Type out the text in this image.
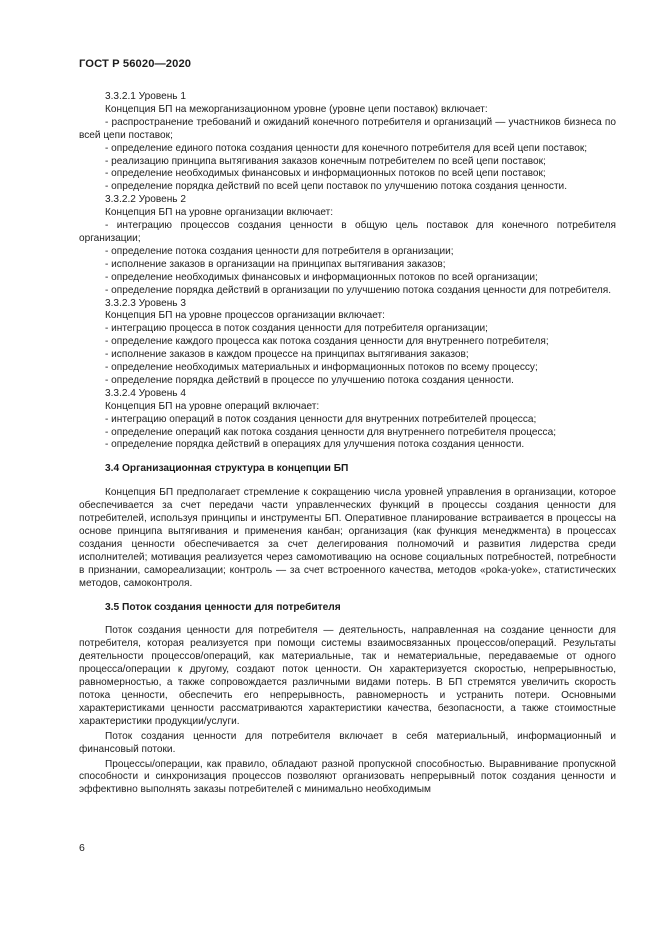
ГОСТ Р 56020—2020

3.3.2.1 Уровень 1

Концепция БП на межорганизационном уровне (уровне цепи поставок) включает:

- распространение требований и ожиданий конечного потребителя и организаций — участников бизнеса по всей цепи поставок;

- определение единого потока создания ценности для конечного потребителя для всей цепи поставок;

- реализацию принципа вытягивания заказов конечным потребителем по всей цепи поставок;

- определение необходимых финансовых и информационных потоков по всей цепи поставок;

- определение порядка действий по всей цепи поставок по улучшению потока создания ценности.

3.3.2.2 Уровень 2

Концепция БП на уровне организации включает:

- интеграцию процессов создания ценности в общую цель поставок для конечного потребителя организации;

- определение потока создания ценности для потребителя в организации;

- исполнение заказов в организации на принципах вытягивания заказов;

- определение необходимых финансовых и информационных потоков по всей организации;

- определение порядка действий в организации по улучшению потока создания ценности для потребителя.

3.3.2.3 Уровень 3

Концепция БП на уровне процессов организации включает:

- интеграцию процесса в поток создания ценности для потребителя организации;

- определение каждого процесса как потока создания ценности для внутреннего потребителя;

- исполнение заказов в каждом процессе на принципах вытягивания заказов;

- определение необходимых материальных и информационных потоков по всему процессу;

- определение порядка действий в процессе по улучшению потока создания ценности.

3.3.2.4 Уровень 4

Концепция БП на уровне операций включает:

- интеграцию операций в поток создания ценности для внутренних потребителей процесса;

- определение операций как потока создания ценности для внутреннего потребителя процесса;

- определение порядка действий в операциях для улучшения потока создания ценности.

3.4 Организационная структура в концепции БП

Концепция БП предполагает стремление к сокращению числа уровней управления в организации, которое обеспечивается за счет передачи части управленческих функций в процессы создания ценности для потребителей, используя принципы и инструменты БП. Оперативное планирование встраивается в процессы на основе принципа вытягивания и применения канбан; организация (как функция менеджмента) в процессах создания ценности обеспечивается за счет делегирования полномочий и развития лидерства среди исполнителей; мотивация реализуется через самомотивацию на основе социальных потребностей, потребности в признании, самореализации; контроль — за счет встроенного качества, методов «poka-yoke», статистических методов, самоконтроля.

3.5 Поток создания ценности для потребителя

Поток создания ценности для потребителя — деятельность, направленная на создание ценности для потребителя, которая реализуется при помощи системы взаимосвязанных процессов/операций. Результаты деятельности процессов/операций, как материальные, так и нематериальные, передаваемые от одного процесса/операции к другому, создают поток ценности. Он характеризуется скоростью, непрерывностью, равномерностью, а также сопровождается различными видами потерь. В БП стремятся увеличить скорость потока ценности, обеспечить его непрерывность, равномерность и устранить потери. Основными характеристиками ценности рассматриваются характеристики качества, безопасности, а также стоимостные характеристики продукции/услуги.

Поток создания ценности для потребителя включает в себя материальный, информационный и финансовый потоки.

Процессы/операции, как правило, обладают разной пропускной способностью. Выравнивание пропускной способности и синхронизация процессов позволяют организовать непрерывный поток создания ценности и эффективно выполнять заказы потребителей с минимально необходимым

6
